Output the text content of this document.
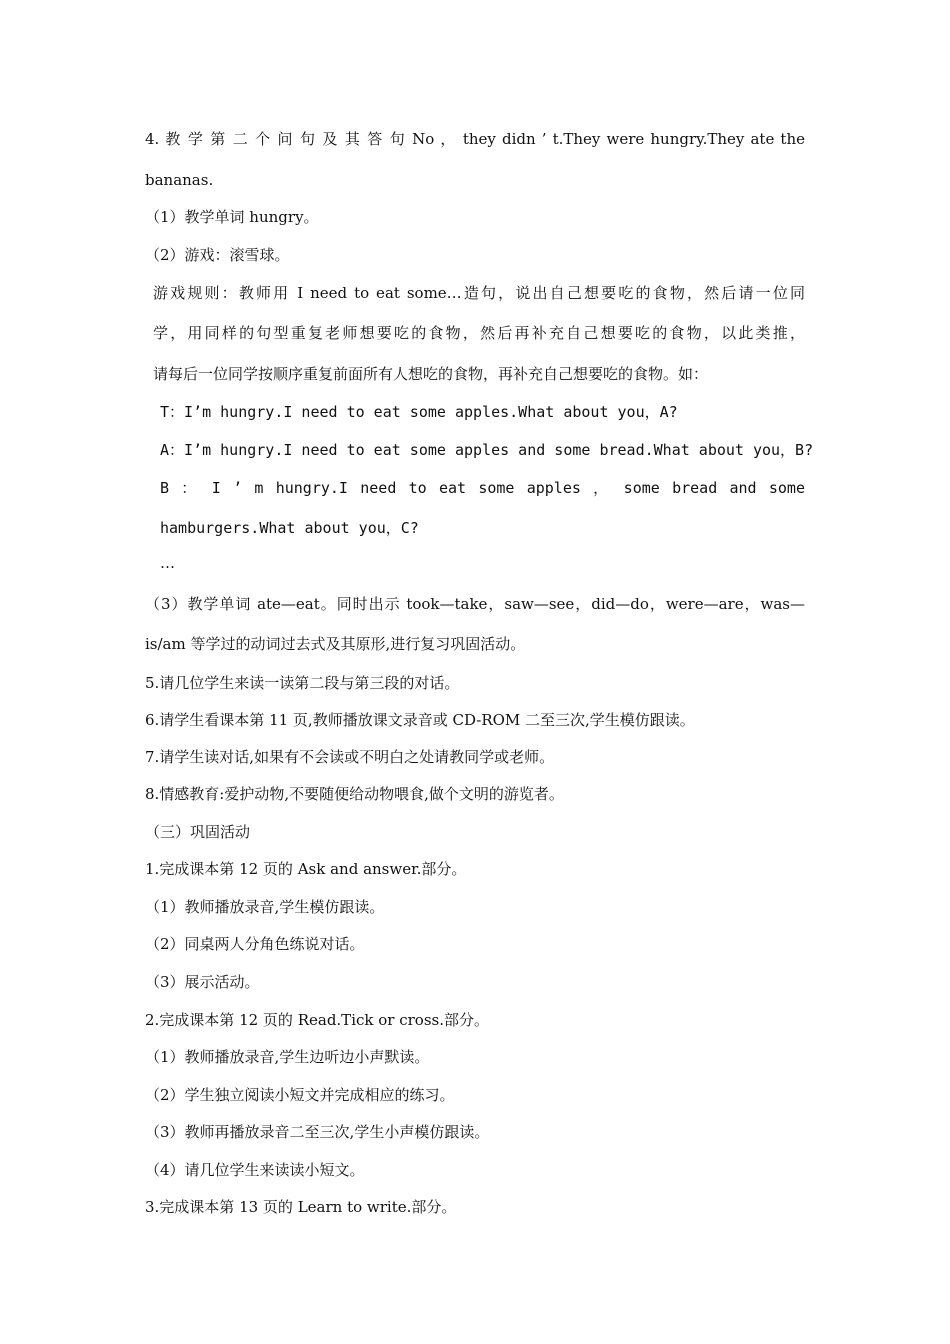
4. 教 学 第 二 个 问 句 及 其 答 句 No ， they didn ’ t.They were hungry.They ate the
bananas.
（1）教学单词 hungry。
（2）游戏：滚雪球。
游戏规则：教师用 I need to eat some…造句，说出自己想要吃的食物，然后请一位同
学，用同样的句型重复老师想要吃的食物，然后再补充自己想要吃的食物，以此类推，
请每后一位同学按顺序重复前面所有人想吃的食物，再补充自己想要吃的食物。如：
T：I’m hungry.I need to eat some apples.What about you，A?
A：I’m hungry.I need to eat some apples and some bread.What about you，B?
B ： I ’ m hungry.I need to eat some apples ， some bread and some
hamburgers.What about you，C?
…
（3）教学单词 ate—eat。同时出示 took—take，saw—see，did—do，were—are，was—
is/am 等学过的动词过去式及其原形,进行复习巩固活动。
5.请几位学生来读一读第二段与第三段的对话。
6.请学生看课本第 11 页,教师播放课文录音或 CD-ROM 二至三次,学生模仿跟读。
7.请学生读对话,如果有不会读或不明白之处请教同学或老师。
8.情感教育:爱护动物,不要随便给动物喂食,做个文明的游览者。
（三）巩固活动
1.完成课本第 12 页的 Ask and answer.部分。
（1）教师播放录音,学生模仿跟读。
（2）同桌两人分角色练说对话。
（3）展示活动。
2.完成课本第 12 页的 Read.Tick or cross.部分。
（1）教师播放录音,学生边听边小声默读。
（2）学生独立阅读小短文并完成相应的练习。
（3）教师再播放录音二至三次,学生小声模仿跟读。
（4）请几位学生来读读小短文。
3.完成课本第 13 页的 Learn to write.部分。
